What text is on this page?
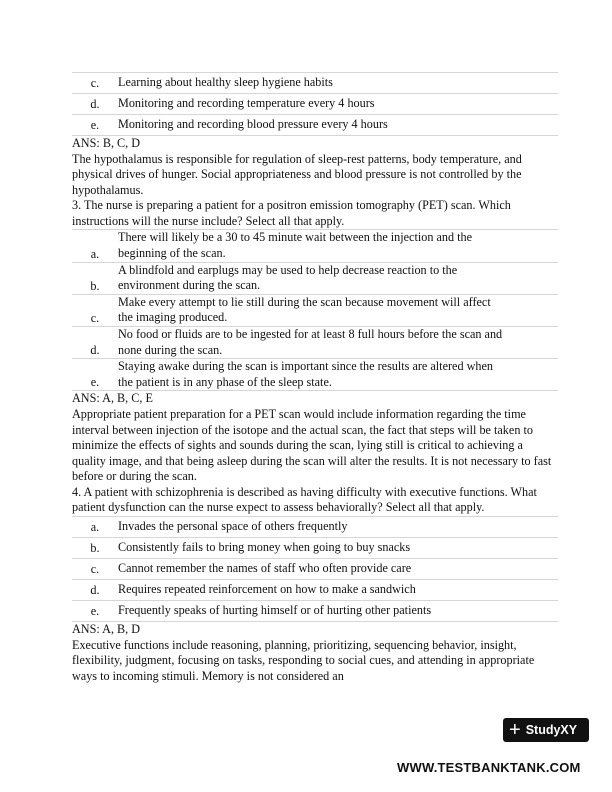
c.	Learning about healthy sleep hygiene habits
d.	Monitoring and recording temperature every 4 hours
e.	Monitoring and recording blood pressure every 4 hours

ANS: B, C, D

The hypothalamus is responsible for regulation of sleep-rest patterns, body temperature, and physical drives of hunger. Social appropriateness and blood pressure is not controlled by the hypothalamus.

3. The nurse is preparing a patient for a positron emission tomography (PET) scan. Which instructions will the nurse include? Select all that apply.

a.	There will likely be a 30 to 45 minute wait between the injection and the
beginning of the scan.
b.	A blindfold and earplugs may be used to help decrease reaction to the
environment during the scan.
c.	Make every attempt to lie still during the scan because movement will affect
the imaging produced.
d.	No food or fluids are to be ingested for at least 8 full hours before the scan and
none during the scan.
e.	Staying awake during the scan is important since the results are altered when
the patient is in any phase of the sleep state.

ANS: A, B, C, E

Appropriate patient preparation for a PET scan would include information regarding the time interval between injection of the isotope and the actual scan, the fact that steps will be taken to minimize the effects of sights and sounds during the scan, lying still is critical to achieving a quality image, and that being asleep during the scan will alter the results. It is not necessary to fast before or during the scan.

4. A patient with schizophrenia is described as having difficulty with executive functions. What patient dysfunction can the nurse expect to assess behaviorally? Select all that apply.

a.	Invades the personal space of others frequently
b.	Consistently fails to bring money when going to buy snacks
c.	Cannot remember the names of staff who often provide care
d.	Requires repeated reinforcement on how to make a sandwich
e.	Frequently speaks of hurting himself or of hurting other patients

ANS: A, B, D

Executive functions include reasoning, planning, prioritizing, sequencing behavior, insight, flexibility, judgment, focusing on tasks, responding to social cues, and attending in appropriate ways to incoming stimuli. Memory is not considered an

+ StudyXY
WWW.TESTBANKTANK.COM
